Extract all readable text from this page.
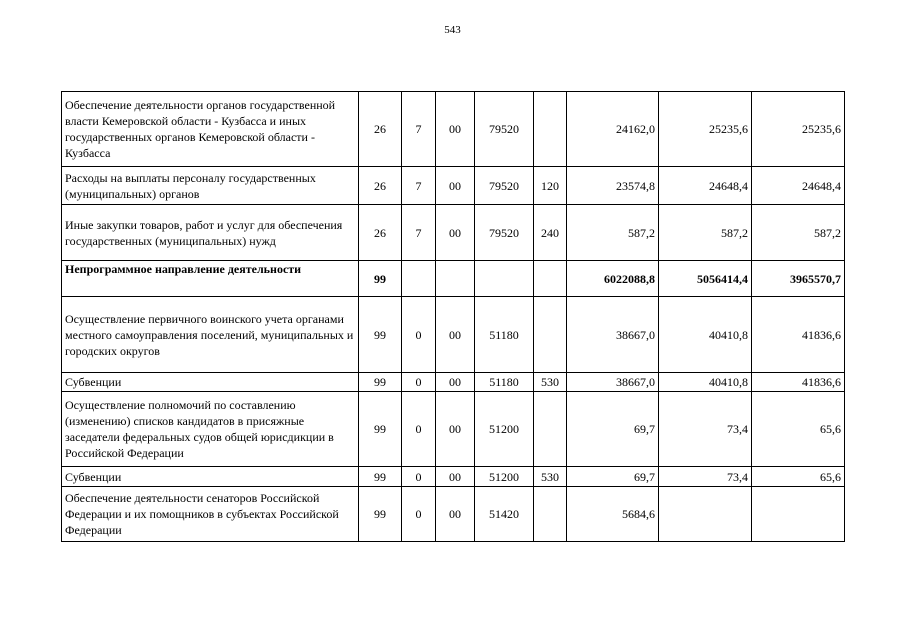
543
Обеспечение деятельности органов государственной власти Кемеровской области - Кузбасса и иных государственных органов Кемеровской области - Кузбасса	26	7	00	79520		24162,0	25235,6	25235,6
Расходы на выплаты персоналу государственных (муниципальных) органов	26	7	00	79520	120	23574,8	24648,4	24648,4
Иные закупки товаров, работ и услуг для обеспечения государственных (муниципальных) нужд	26	7	00	79520	240	587,2	587,2	587,2
Непрограммное направление деятельности	99					6022088,8	5056414,4	3965570,7
Осуществление первичного воинского учета органами местного самоуправления поселений, муниципальных и городских округов	99	0	00	51180		38667,0	40410,8	41836,6
Субвенции	99	0	00	51180	530	38667,0	40410,8	41836,6
Осуществление полномочий по составлению (изменению) списков кандидатов в присяжные заседатели федеральных судов общей юрисдикции в Российской Федерации	99	0	00	51200		69,7	73,4	65,6
Субвенции	99	0	00	51200	530	69,7	73,4	65,6
Обеспечение деятельности сенаторов Российской Федерации и их помощников в субъектах Российской Федерации	99	0	00	51420		5684,6		
